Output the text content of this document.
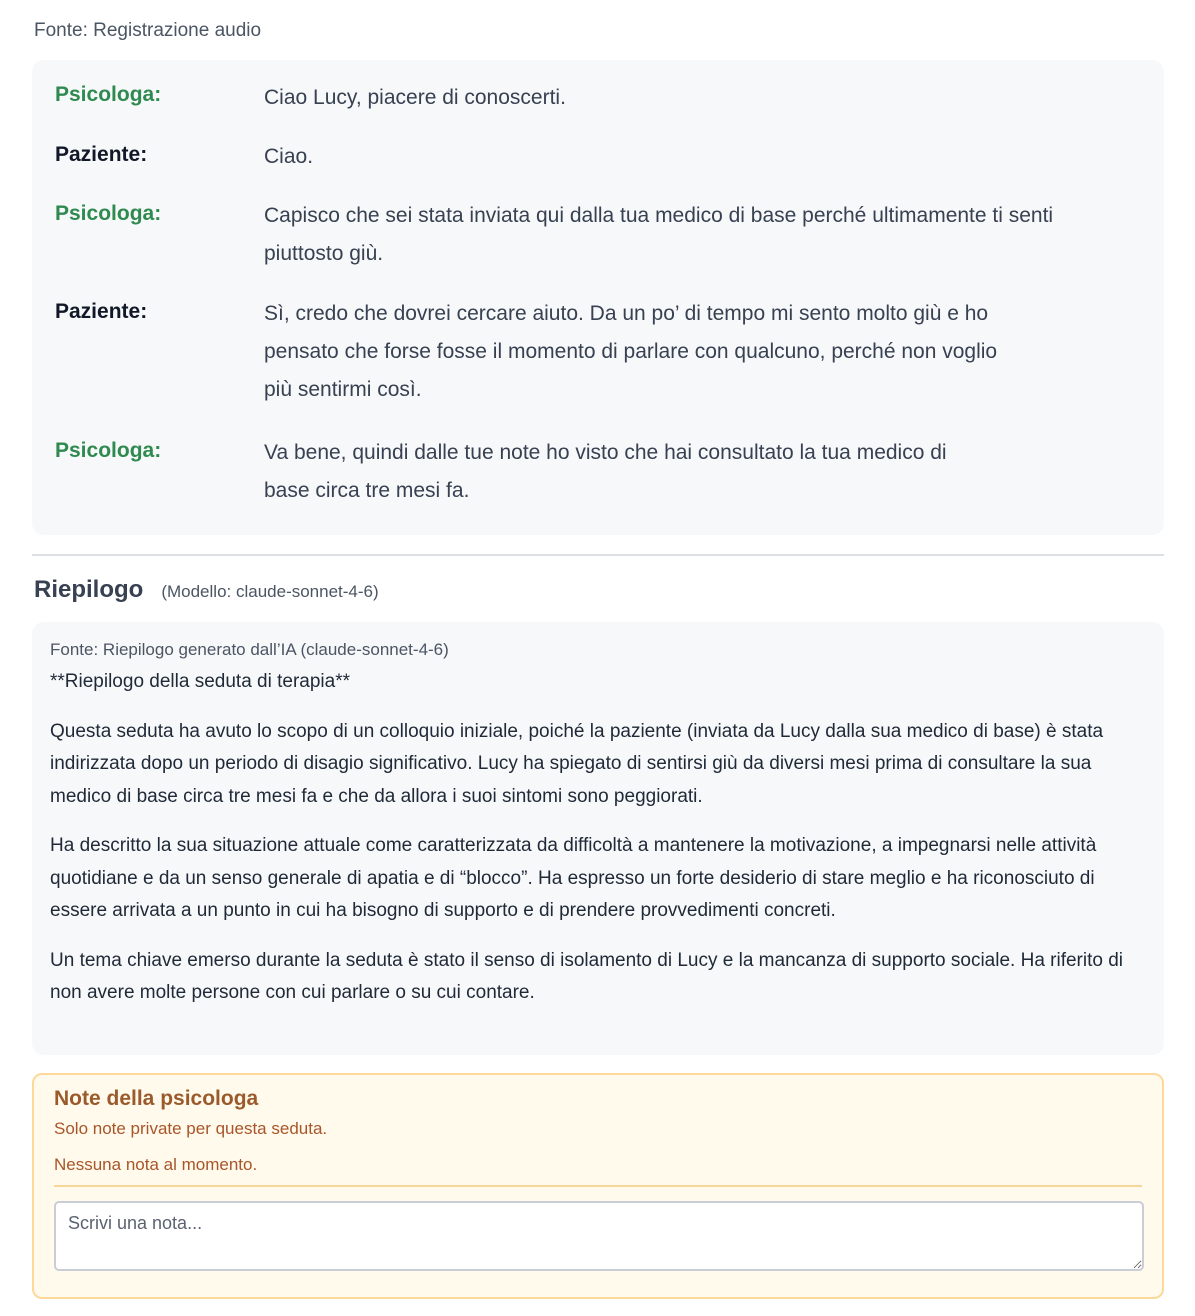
Fonte: Registrazione audio
Psicologa:	Ciao Lucy, piacere di conoscerti.
Paziente:	Ciao.
Psicologa:	Capisco che sei stata inviata qui dalla tua medico di base perché ultimamente ti senti piuttosto giù.
Paziente:	Sì, credo che dovrei cercare aiuto. Da un po’ di tempo mi sento molto giù e ho pensato che forse fosse il momento di parlare con qualcuno, perché non voglio più sentirmi così.
Psicologa:	Va bene, quindi dalle tue note ho visto che hai consultato la tua medico di base circa tre mesi fa.
Riepilogo (Modello: claude-sonnet-4-6)
Fonte: Riepilogo generato dall’IA (claude-sonnet-4-6)

**Riepilogo della seduta di terapia**

Questa seduta ha avuto lo scopo di un colloquio iniziale, poiché la paziente (inviata da Lucy dalla sua medico di base) è stata indirizzata dopo un periodo di disagio significativo. Lucy ha spiegato di sentirsi giù da diversi mesi prima di consultare la sua medico di base circa tre mesi fa e che da allora i suoi sintomi sono peggiorati.

Ha descritto la sua situazione attuale come caratterizzata da difficoltà a mantenere la motivazione, a impegnarsi nelle attività quotidiane e da un senso generale di apatia e di “blocco”. Ha espresso un forte desiderio di stare meglio e ha riconosciuto di essere arrivata a un punto in cui ha bisogno di supporto e di prendere provvedimenti concreti.

Un tema chiave emerso durante la seduta è stato il senso di isolamento di Lucy e la mancanza di supporto sociale. Ha riferito di non avere molte persone con cui parlare o su cui contare.

Note della psicologa
Solo note private per questa seduta.
Nessuna nota al momento.
Scrivi una nota...
